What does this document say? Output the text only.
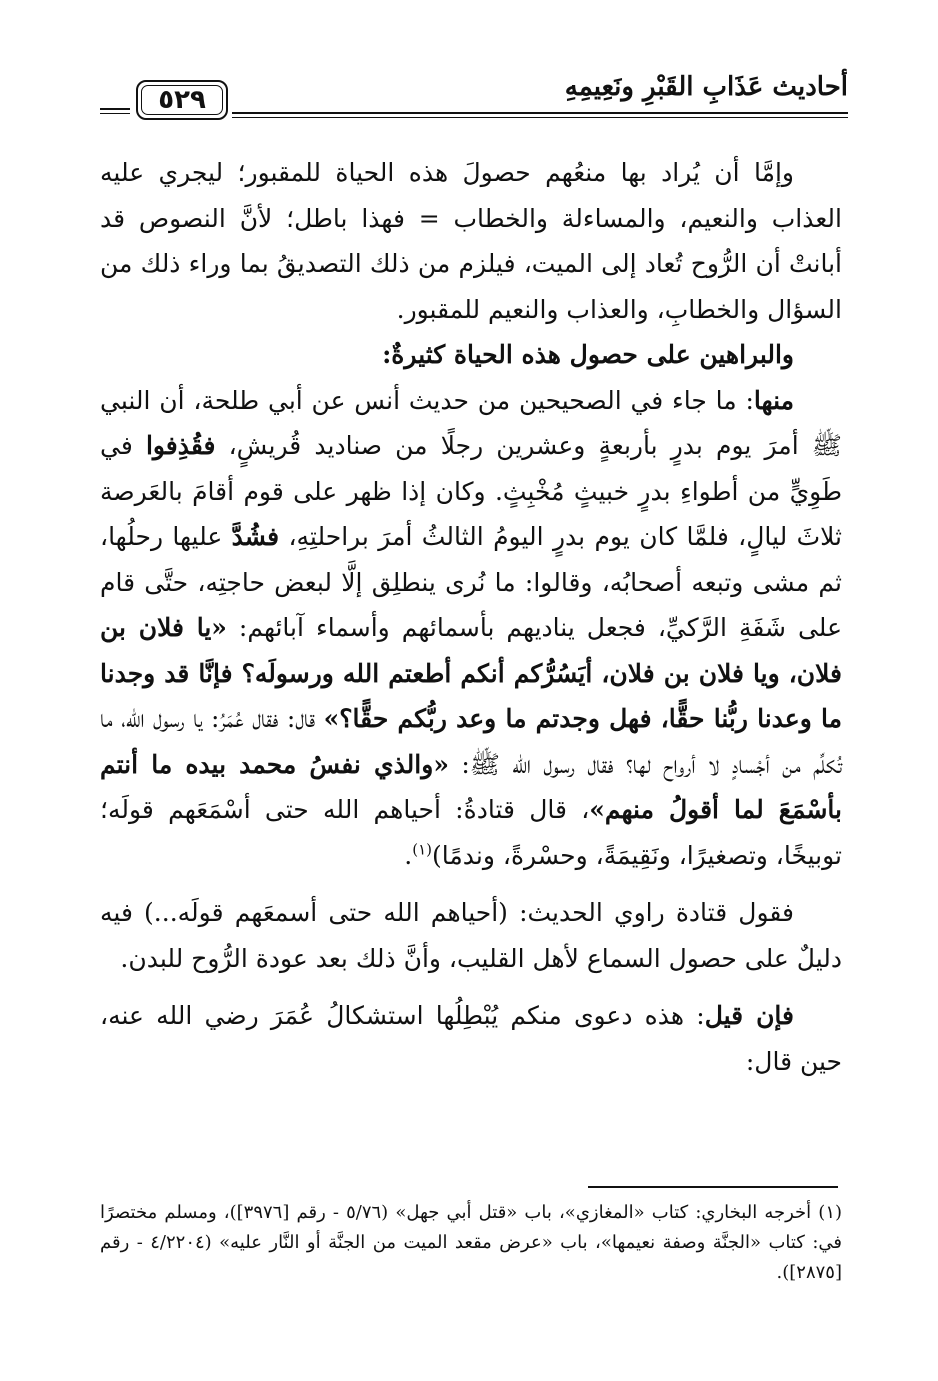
أحاديث عَذَابِ القَبْرِ ونَعِيمِهِ
٥٢٩

وإمَّا أن يُراد بها منعُهم حصولَ هذه الحياة للمقبور؛ ليجري عليه العذاب والنعيم، والمساءلة والخطاب = فهذا باطل؛ لأنَّ النصوص قد أبانتْ أن الرُّوح تُعاد إلى الميت، فيلزم من ذلك التصديقُ بما وراء ذلك من السؤال والخطابِ، والعذاب والنعيم للمقبور.

والبراهين على حصول هذه الحياة كثيرةٌ:

منها: ما جاء في الصحيحين من حديث أنس عن أبي طلحة، أن النبي ﷺ أمرَ يوم بدرٍ بأربعةٍ وعشرين رجلًا من صناديد قُريشٍ، فقُذِفوا في طَوِيٍّ من أطواءِ بدرٍ خبيثٍ مُخْبِثٍ. وكان إذا ظهر على قوم أقامَ بالعَرصة ثلاثَ ليالٍ، فلمَّا كان يوم بدرٍ اليومُ الثالثُ أمرَ براحلتِهِ، فشُدَّ عليها رحلُها، ثم مشى وتبعه أصحابُه، وقالوا: ما نُرى ينطلِق إلَّا لبعض حاجتِه، حتَّى قام على شَفَةِ الرَّكيِّ، فجعل يناديهم بأسمائهم وأسماء آبائهم: «يا فلان بن فلان، ويا فلان بن فلان، أيَسُرُّكم أنكم أطعتم الله ورسولَه؟ فإنَّا قد وجدنا ما وعدنا ربُّنا حقًّا، فهل وجدتم ما وعد ربُّكم حقًّا؟» قال: فقال عُمَرُ: يا رسول الله، ما تُكلِّم من أجْسادٍ لا أرواح لها؟ فقال رسول الله ﷺ: «والذي نفسُ محمد بيده ما أنتم بأسْمَعَ لما أقولُ منهم»، قال قتادةُ: أحياهم الله حتى أسْمَعَهم قولَه؛ توبيخًا، وتصغيرًا، ونَقِيمَةً، وحسْرةً، وندمًا)$^{(١)}$.

فقول قتادة راوي الحديث: (أحياهم الله حتى أسمعَهم قولَه...) فيه دليلٌ على حصول السماع لأهل القليب، وأنَّ ذلك بعد عودة الرُّوح للبدن.

فإن قيل: هذه دعوى منكم يُبْطِلُها استشكالُ عُمَرَ رضي الله عنه، حين قال:

(١) أخرجه البخاري: كتاب «المغازي»، باب «قتل أبي جهل» (٥/٧٦ - رقم [٣٩٧٦])، ومسلم مختصرًا في: كتاب «الجنَّة وصفة نعيمها»، باب «عرض مقعد الميت من الجنَّة أو النَّار عليه» (٤/٢٢٠٤ - رقم [٢٨٧٥]).
